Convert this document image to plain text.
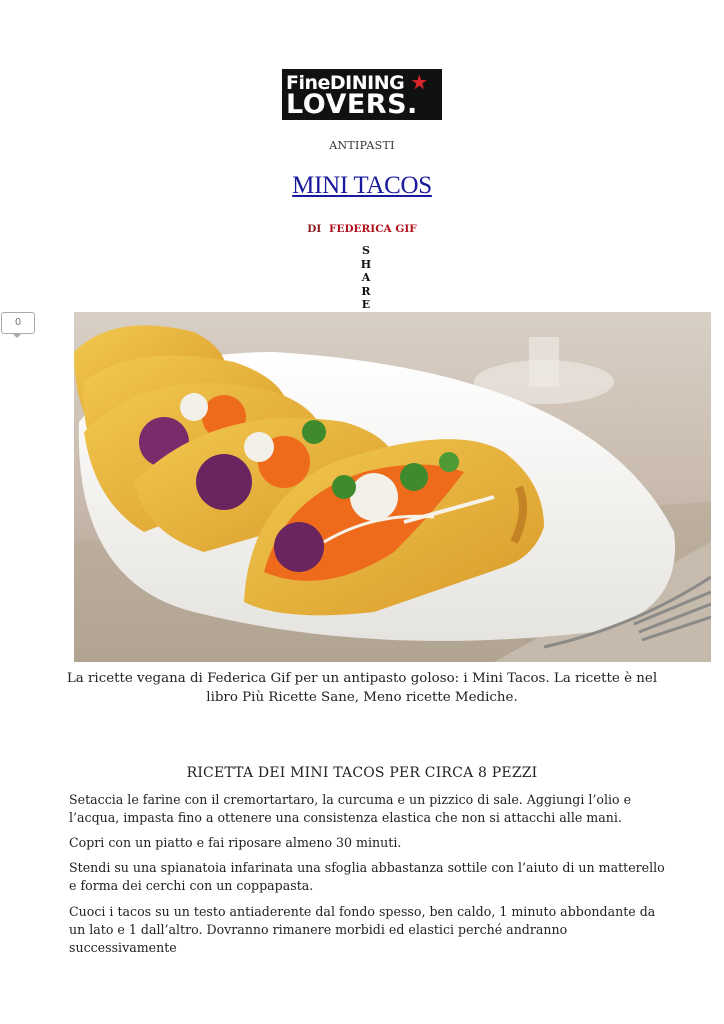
FineDINING ★
LOVERS.
ANTIPASTI
MINI TACOS
DI FEDERICA GIF
SHARE
0
La ricette vegana di Federica Gif per un antipasto goloso: i Mini Tacos. La ricette è nel libro Più Ricette Sane, Meno ricette Mediche.
RICETTA DEI MINI TACOS PER CIRCA 8 PEZZI

Setaccia le farine con il cremortartaro, la curcuma e un pizzico di sale. Aggiungi l’olio e l’acqua, impasta fino a ottenere una consistenza elastica che non si attacchi alle mani.

Copri con un piatto e fai riposare almeno 30 minuti.

Stendi su una spianatoia infarinata una sfoglia abbastanza sottile con l’aiuto di un matterello e forma dei cerchi con un coppapasta.

Cuoci i tacos su un testo antiaderente dal fondo spesso, ben caldo, 1 minuto abbondante da un lato e 1 dall’altro. Dovranno rimanere morbidi ed elastici perché andranno successivamente
